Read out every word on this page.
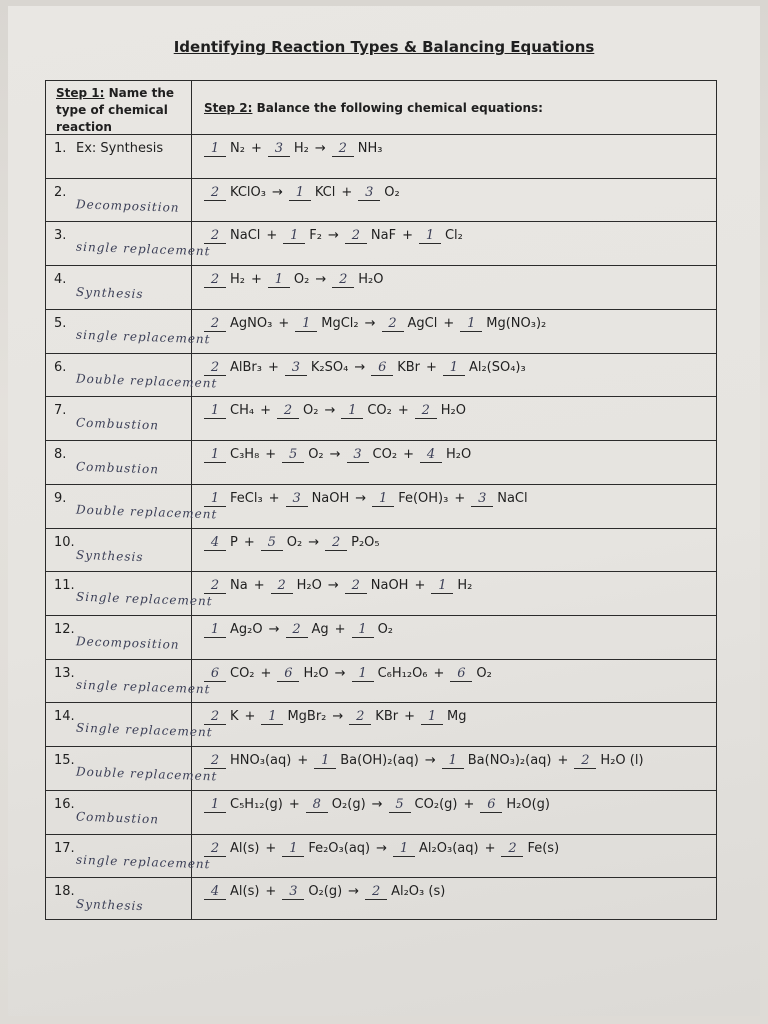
Identifying Reaction Types & Balancing Equations
Step 1: Name the type of chemical reaction
Step 2: Balance the following chemical equations:
1. Ex: Synthesis	1 N₂ + 3 H₂ → 2 NH₃
2.
Decomposition
2 KClO₃ → 1 KCl + 3 O₂
3.
single replacement
2 NaCl + 1 F₂ → 2 NaF + 1 Cl₂
4.
Synthesis
2 H₂ + 1 O₂ → 2 H₂O
5.
single replacement
2 AgNO₃ + 1 MgCl₂ → 2 AgCl + 1 Mg(NO₃)₂
6.
Double replacement
2 AlBr₃ + 3 K₂SO₄ → 6 KBr + 1 Al₂(SO₄)₃
7.
Combustion
1 CH₄ + 2 O₂ → 1 CO₂ + 2 H₂O
8.
Combustion
1 C₃H₈ + 5 O₂ → 3 CO₂ + 4 H₂O
9.
Double replacement
1 FeCl₃ + 3 NaOH → 1 Fe(OH)₃ + 3 NaCl
10.
Synthesis
4 P + 5 O₂ → 2 P₂O₅
11.
Single replacement
2 Na + 2 H₂O → 2 NaOH + 1 H₂
12.
Decomposition
1 Ag₂O → 2 Ag + 1 O₂
13.
single replacement
6 CO₂ + 6 H₂O → 1 C₆H₁₂O₆ + 6 O₂
14.
Single replacement
2 K + 1 MgBr₂ → 2 KBr + 1 Mg
15.
Double replacement
2 HNO₃(aq) + 1 Ba(OH)₂(aq) → 1 Ba(NO₃)₂(aq) + 2 H₂O (l)
16.
Combustion
1 C₅H₁₂(g) + 8 O₂(g) → 5 CO₂(g) + 6 H₂O(g)
17.
single replacement
2 Al(s) + 1 Fe₂O₃(aq) → 1 Al₂O₃(aq) + 2 Fe(s)
18.
Synthesis
4 Al(s) + 3 O₂(g) → 2 Al₂O₃ (s)
